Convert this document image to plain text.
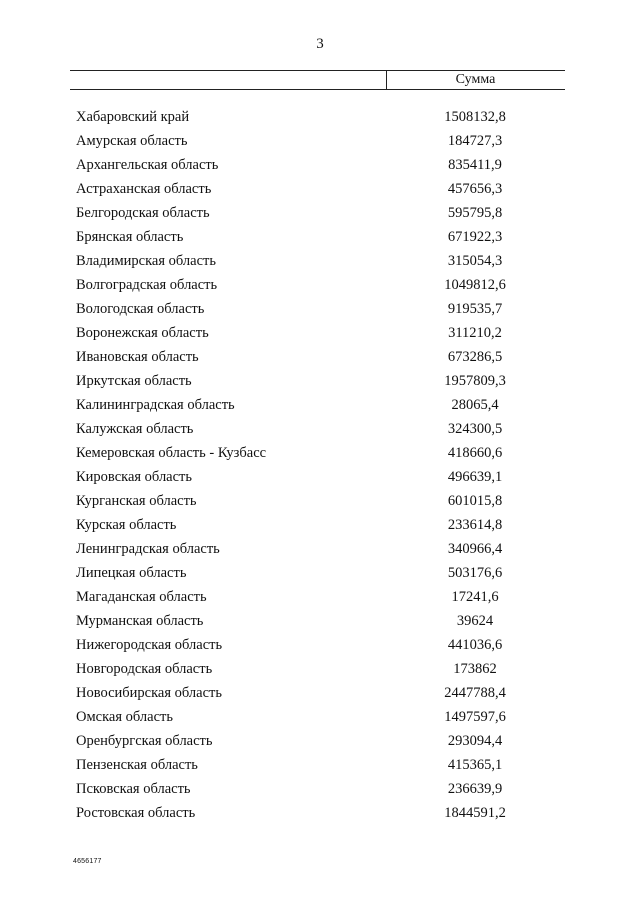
3
Сумма
Хабаровский край	1508132,8
Амурская область	184727,3
Архангельская область	835411,9
Астраханская область	457656,3
Белгородская область	595795,8
Брянская область	671922,3
Владимирская область	315054,3
Волгоградская область	1049812,6
Вологодская область	919535,7
Воронежская область	311210,2
Ивановская область	673286,5
Иркутская область	1957809,3
Калининградская область	28065,4
Калужская область	324300,5
Кемеровская область - Кузбасс	418660,6
Кировская область	496639,1
Курганская область	601015,8
Курская область	233614,8
Ленинградская область	340966,4
Липецкая область	503176,6
Магаданская область	17241,6
Мурманская область	39624
Нижегородская область	441036,6
Новгородская область	173862
Новосибирская область	2447788,4
Омская область	1497597,6
Оренбургская область	293094,4
Пензенская область	415365,1
Псковская область	236639,9
Ростовская область	1844591,2
4656177
